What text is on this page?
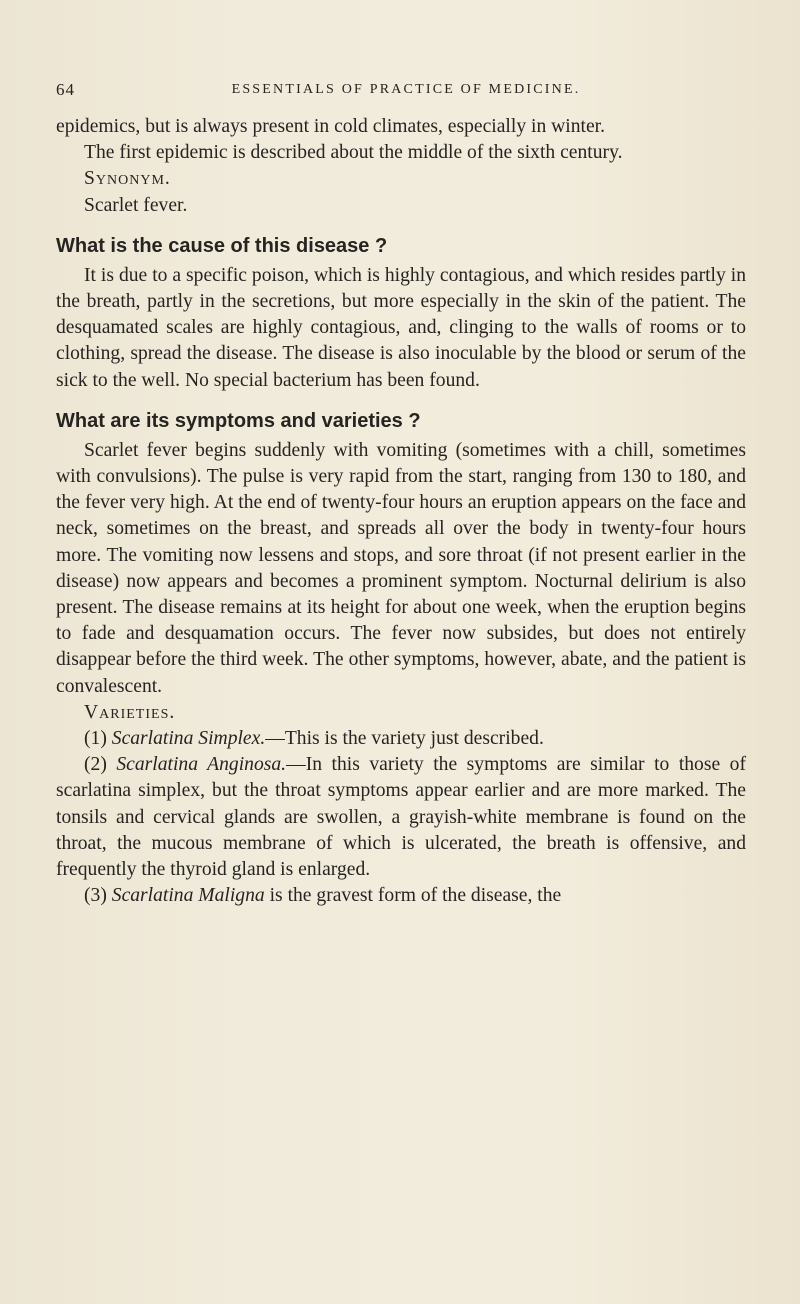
64	ESSENTIALS OF PRACTICE OF MEDICINE.

epidemics, but is always present in cold climates, especially in winter.

The first epidemic is described about the middle of the sixth century.

Synonym.

Scarlet fever.

What is the cause of this disease ?

It is due to a specific poison, which is highly contagious, and which resides partly in the breath, partly in the secretions, but more especially in the skin of the patient. The desquamated scales are highly contagious, and, clinging to the walls of rooms or to clothing, spread the disease. The disease is also inoculable by the blood or serum of the sick to the well. No special bacterium has been found.

What are its symptoms and varieties ?

Scarlet fever begins suddenly with vomiting (sometimes with a chill, sometimes with convulsions). The pulse is very rapid from the start, ranging from 130 to 180, and the fever very high. At the end of twenty-four hours an eruption appears on the face and neck, sometimes on the breast, and spreads all over the body in twenty-four hours more. The vomiting now lessens and stops, and sore throat (if not present earlier in the disease) now appears and becomes a prominent symptom. Nocturnal delirium is also present. The disease remains at its height for about one week, when the eruption begins to fade and desquamation occurs. The fever now subsides, but does not entirely disappear before the third week. The other symptoms, however, abate, and the patient is convalescent.

Varieties.

(1) Scarlatina Simplex.—This is the variety just described.

(2) Scarlatina Anginosa.—In this variety the symptoms are similar to those of scarlatina simplex, but the throat symptoms appear earlier and are more marked. The tonsils and cervical glands are swollen, a grayish-white membrane is found on the throat, the mucous membrane of which is ulcerated, the breath is offensive, and frequently the thyroid gland is enlarged.

(3) Scarlatina Maligna is the gravest form of the disease, the
